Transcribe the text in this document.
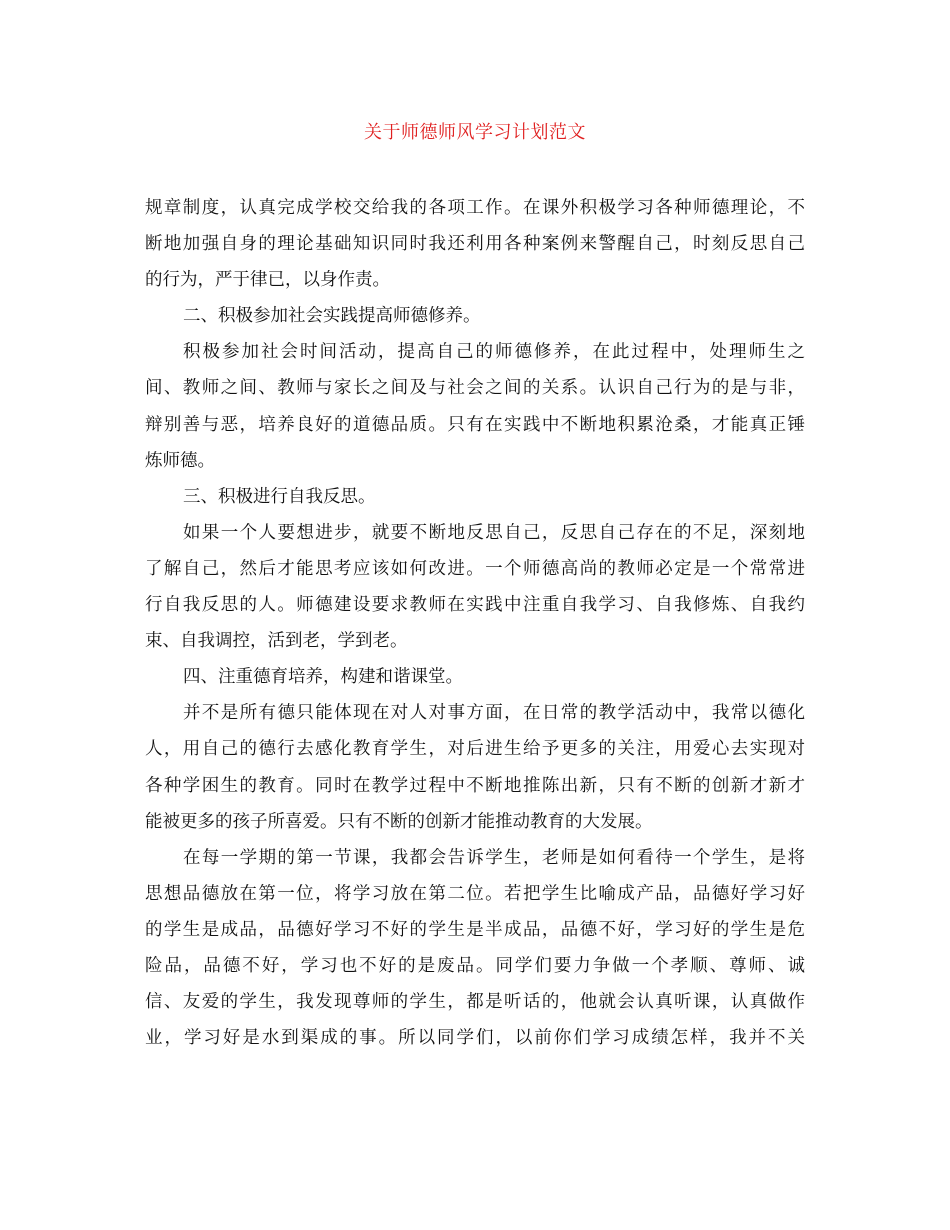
关于师德师风学习计划范文
规章制度，认真完成学校交给我的各项工作。在课外积极学习各种师德理论，不
断地加强自身的理论基础知识同时我还利用各种案例来警醒自己，时刻反思自己
的行为，严于律已，以身作责。
二、积极参加社会实践提高师德修养。
积极参加社会时间活动，提高自己的师德修养，在此过程中，处理师生之
间、教师之间、教师与家长之间及与社会之间的关系。认识自己行为的是与非，
辩别善与恶，培养良好的道德品质。只有在实践中不断地积累沧桑，才能真正锤
炼师德。
三、积极进行自我反思。
如果一个人要想进步，就要不断地反思自己，反思自己存在的不足，深刻地
了解自己，然后才能思考应该如何改进。一个师德高尚的教师必定是一个常常进
行自我反思的人。师德建设要求教师在实践中注重自我学习、自我修炼、自我约
束、自我调控，活到老，学到老。
四、注重德育培养，构建和谐课堂。
并不是所有德只能体现在对人对事方面，在日常的教学活动中，我常以德化
人，用自己的德行去感化教育学生，对后进生给予更多的关注，用爱心去实现对
各种学困生的教育。同时在教学过程中不断地推陈出新，只有不断的创新才新才
能被更多的孩子所喜爱。只有不断的创新才能推动教育的大发展。
在每一学期的第一节课，我都会告诉学生，老师是如何看待一个学生，是将
思想品德放在第一位，将学习放在第二位。若把学生比喻成产品，品德好学习好
的学生是成品，品德好学习不好的学生是半成品，品德不好，学习好的学生是危
险品，品德不好，学习也不好的是废品。同学们要力争做一个孝顺、尊师、诚
信、友爱的学生，我发现尊师的学生，都是听话的，他就会认真听课，认真做作
业，学习好是水到渠成的事。所以同学们，以前你们学习成绩怎样，我并不关
